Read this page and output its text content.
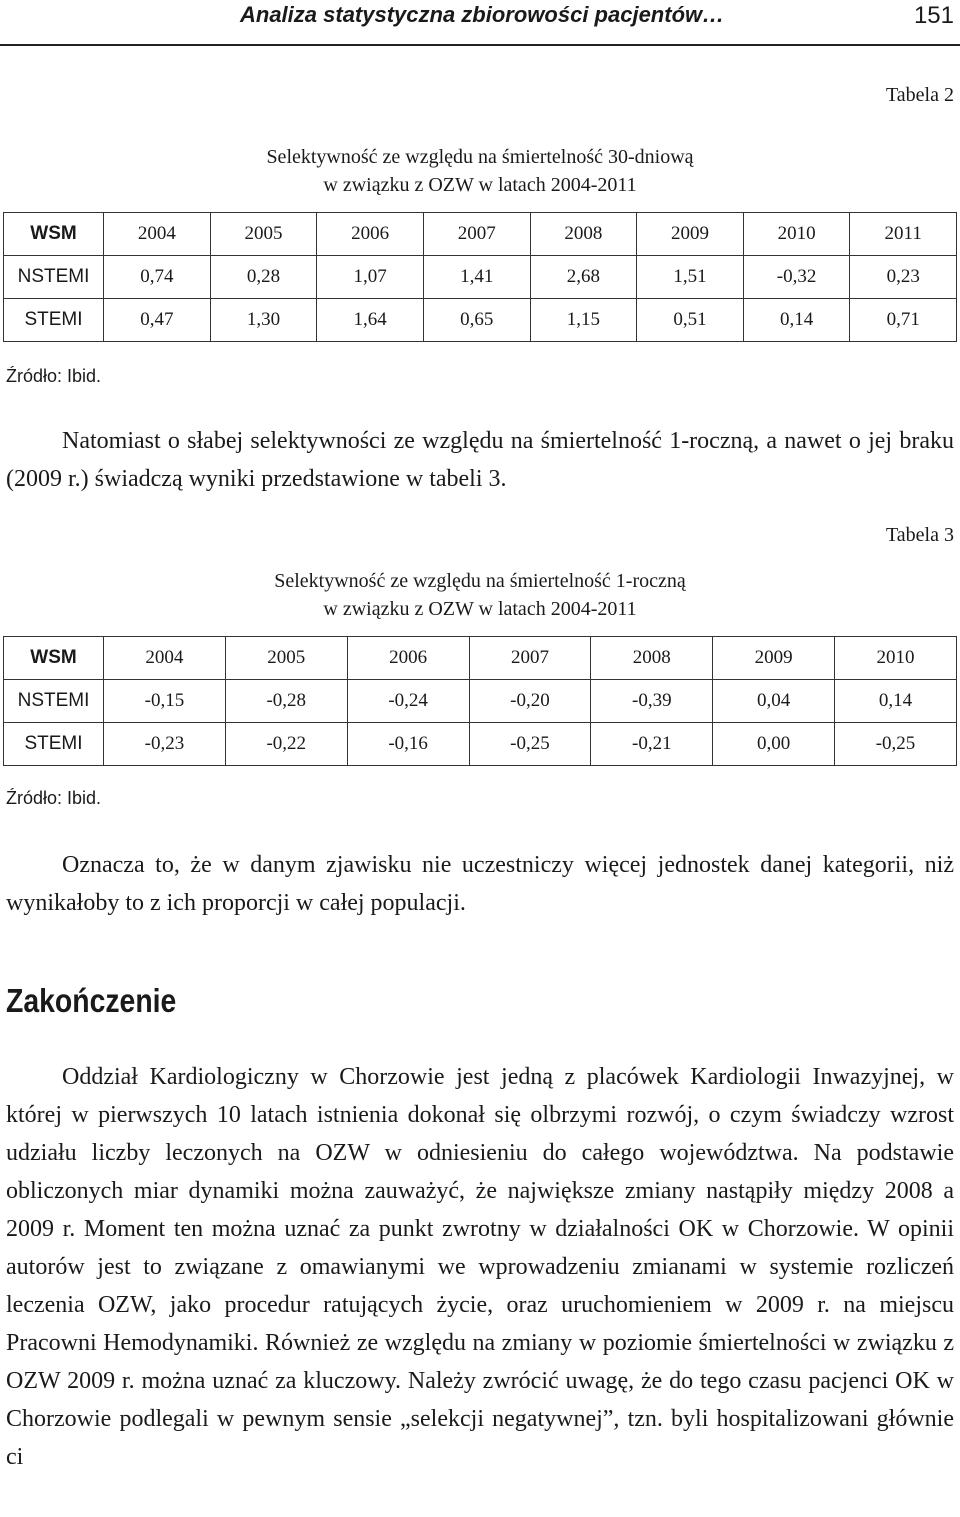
Analiza statystyczna zbiorowości pacjentów…	151
Tabela 2
Selektywność ze względu na śmiertelność 30-dniową
w związku z OZW w latach 2004-2011
WSM	2004	2005	2006	2007	2008	2009	2010	2011
NSTEMI	0,74	0,28	1,07	1,41	2,68	1,51	-0,32	0,23
STEMI	0,47	1,30	1,64	0,65	1,15	0,51	0,14	0,71
Źródło: Ibid.

Natomiast o słabej selektywności ze względu na śmiertelność 1-roczną, a nawet o jej braku (2009 r.) świadczą wyniki przedstawione w tabeli 3.

Tabela 3
Selektywność ze względu na śmiertelność 1-roczną
w związku z OZW w latach 2004-2011
WSM	2004	2005	2006	2007	2008	2009	2010
NSTEMI	-0,15	-0,28	-0,24	-0,20	-0,39	0,04	0,14
STEMI	-0,23	-0,22	-0,16	-0,25	-0,21	0,00	-0,25
Źródło: Ibid.

Oznacza to, że w danym zjawisku nie uczestniczy więcej jednostek danej kategorii, niż wynikałoby to z ich proporcji w całej populacji.

Zakończenie

Oddział Kardiologiczny w Chorzowie jest jedną z placówek Kardiologii Inwazyjnej, w której w pierwszych 10 latach istnienia dokonał się olbrzymi rozwój, o czym świadczy wzrost udziału liczby leczonych na OZW w odniesieniu do całego województwa. Na podstawie obliczonych miar dynamiki można zauważyć, że największe zmiany nastąpiły między 2008 a 2009 r. Moment ten można uznać za punkt zwrotny w działalności OK w Chorzowie. W opinii autorów jest to związane z omawianymi we wprowadzeniu zmianami w systemie rozliczeń leczenia OZW, jako procedur ratujących życie, oraz uruchomieniem w 2009 r. na miejscu Pracowni Hemodynamiki. Również ze względu na zmiany w poziomie śmiertelności w związku z OZW 2009 r. można uznać za kluczowy. Należy zwrócić uwagę, że do tego czasu pacjenci OK w Chorzowie podlegali w pewnym sensie „selekcji negatywnej”, tzn. byli hospitalizowani głównie ci
